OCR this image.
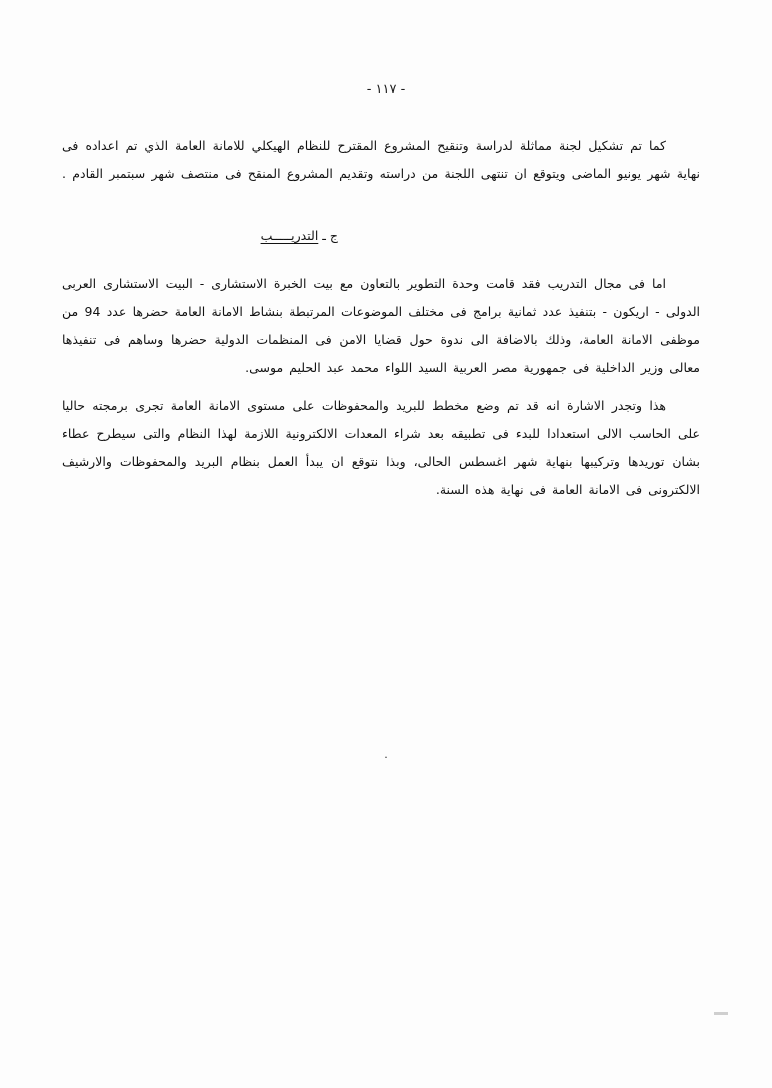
- ١١٧ -

كما تم تشكيل لجنة مماثلة لدراسة وتنقيح المشروع المقترح للنظام الهيكلي للامانة العامة الذي تم اعداده فى نهاية شهر يونيو الماضى ويتوقع ان تنتهى اللجنة من دراسته وتقديم المشروع المنقح فى منتصف شهر سبتمبر القادم .

ج ـ التدريـــــب

اما فى مجال التدريب فقد قامت وحدة التطوير بالتعاون مع بيت الخبرة الاستشارى - البيت الاستشارى العربى الدولى - اريكون - بتنفيذ عدد ثمانية برامج فى مختلف الموضوعات المرتبطة بنشاط الامانة العامة حضرها عدد 94 من موظفى الامانة العامة، وذلك بالاضافة الى ندوة حول قضايا الامن فى المنظمات الدولية حضرها وساهم فى تنفيذها معالى وزير الداخلية فى جمهورية مصر العربية السيد اللواء محمد عبد الحليم موسى.

هذا وتجدر الاشارة انه قد تم وضع مخطط للبريد والمحفوظات على مستوى الامانة العامة تجرى برمجته حاليا على الحاسب الالى استعدادا للبدء فى تطبيقه بعد شراء المعدات الالكترونية اللازمة لهذا النظام والتى سيطرح عطاء بشان توريدها وتركيبها بنهاية شهر اغسطس الحالى، وبذا نتوقع ان يبدأ العمل بنظام البريد والمحفوظات والارشيف الالكترونى فى الامانة العامة فى نهاية هذه السنة.

.
